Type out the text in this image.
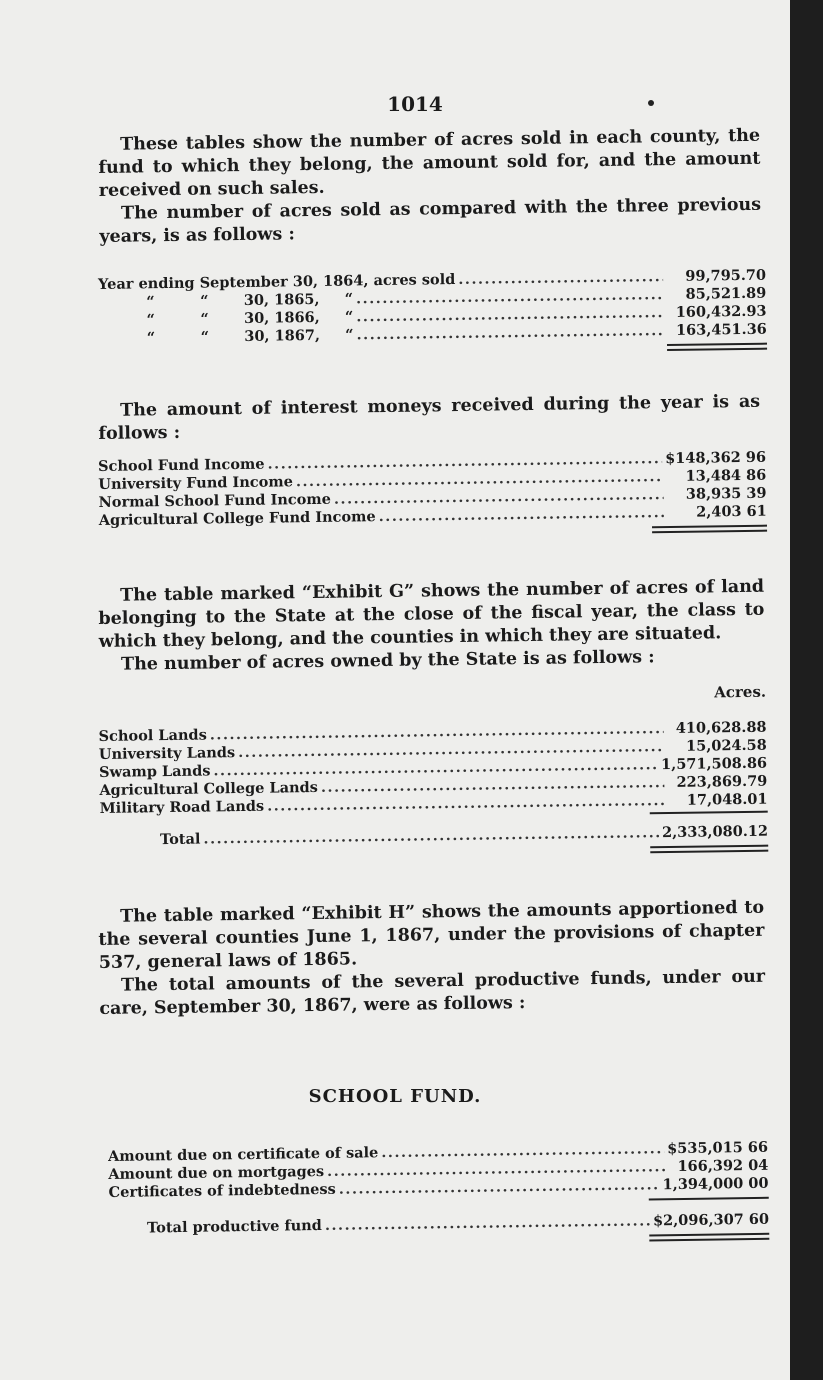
1014

These tables show the number of acres sold in each county, the fund to which they belong, the amount sold for, and the amount received on such sales.

The number of acres sold as compared with the three previous years, is as follows :

Year ending September 30, 1864, acres sold .....	99,795.70
“         “       30, 1865,     “ .....	85,521.89
“         “       30, 1866,     “ .....	160,432.93
“         “       30, 1867,     “ .....	163,451.36

The amount of interest moneys received during the year is as follows :

School Fund Income .....	$148,362 96
University Fund Income .....	13,484 86
Normal School Fund Income .....	38,935 39
Agricultural College Fund Income .....	2,403 61

The table marked “Exhibit G” shows the number of acres of land belonging to the State at the close of the fiscal year, the class to which they belong, and the counties in which they are situated.

The number of acres owned by the State is as follows :

Acres.
School Lands .....	410,628.88
University Lands .....	15,024.58
Swamp Lands .....	1,571,508.86
Agricultural College Lands .....	223,869.79
Military Road Lands .....	17,048.01
Total .....	2,333,080.12

The table marked “Exhibit H” shows the amounts apportioned to the several counties June 1, 1867, under the provisions of chapter 537, general laws of 1865.

The total amounts of the several productive funds, under our care, September 30, 1867, were as follows :

SCHOOL FUND.
Amount due on certificate of sale .....	$535,015 66
Amount due on mortgages .....	166,392 04
Certificates of indebtedness .....	1,394,000 00
Total productive fund .....	$2,096,307 60
